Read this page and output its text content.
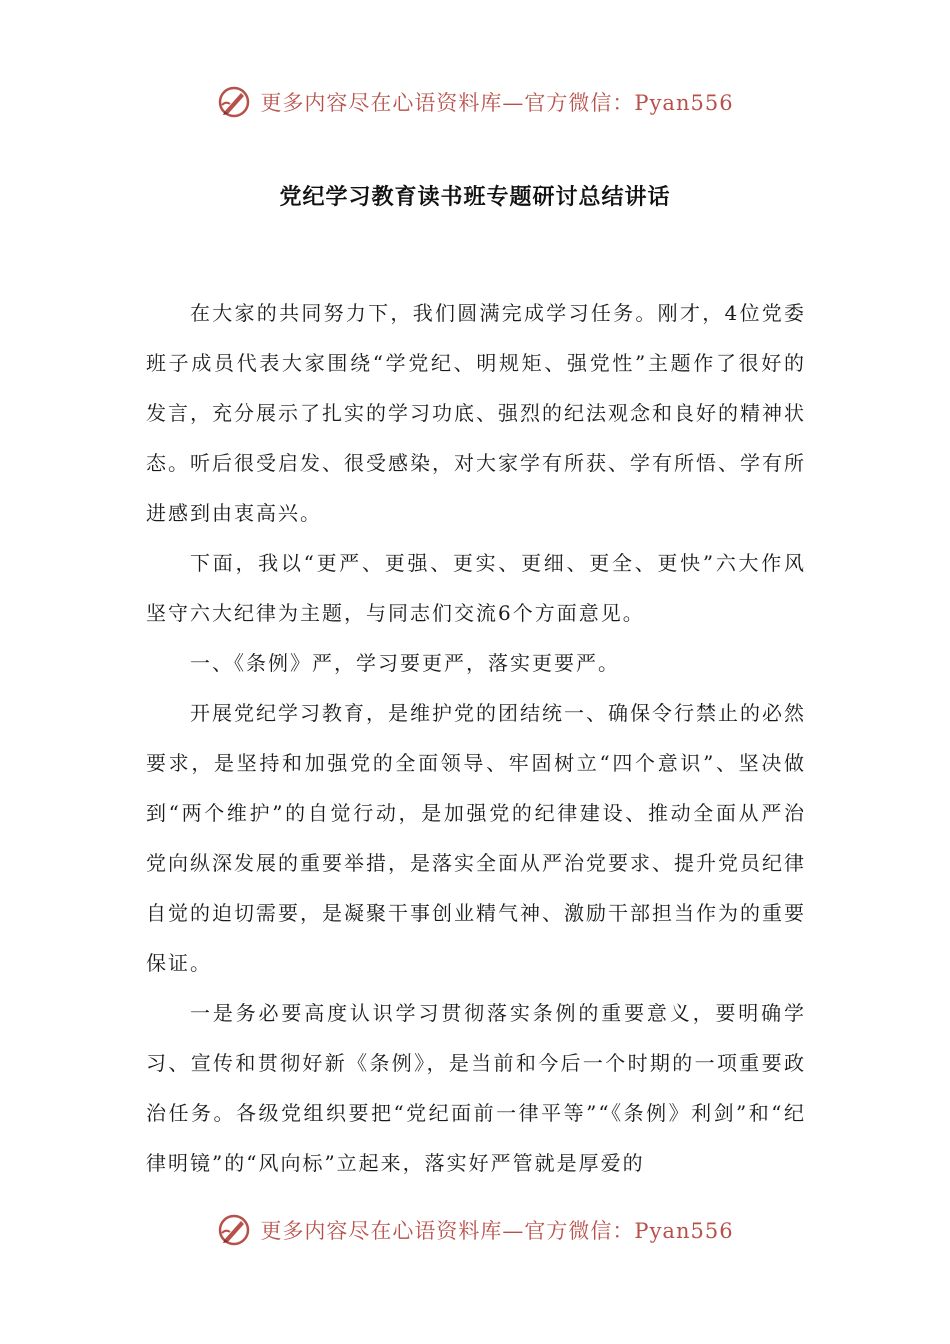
更多内容尽在心语资料库—官方微信：Pyan556
党纪学习教育读书班专题研讨总结讲话

在大家的共同努力下，我们圆满完成学习任务。刚才，4位党委班子成员代表大家围绕“学党纪、明规矩、强党性”主题作了很好的发言，充分展示了扎实的学习功底、强烈的纪法观念和良好的精神状态。听后很受启发、很受感染，对大家学有所获、学有所悟、学有所进感到由衷高兴。

下面，我以“更严、更强、更实、更细、更全、更快”六大作风坚守六大纪律为主题，与同志们交流6个方面意见。

一、《条例》严，学习要更严，落实更要严。

开展党纪学习教育，是维护党的团结统一、确保令行禁止的必然要求，是坚持和加强党的全面领导、牢固树立“四个意识”、坚决做到“两个维护”的自觉行动，是加强党的纪律建设、推动全面从严治党向纵深发展的重要举措，是落实全面从严治党要求、提升党员纪律自觉的迫切需要，是凝聚干事创业精气神、激励干部担当作为的重要保证。

一是务必要高度认识学习贯彻落实条例的重要意义，要明确学习、宣传和贯彻好新《条例》，是当前和今后一个时期的一项重要政治任务。各级党组织要把“党纪面前一律平等”“《条例》利剑”和“纪律明镜”的“风向标”立起来，落实好严管就是厚爱的

更多内容尽在心语资料库—官方微信：Pyan556
